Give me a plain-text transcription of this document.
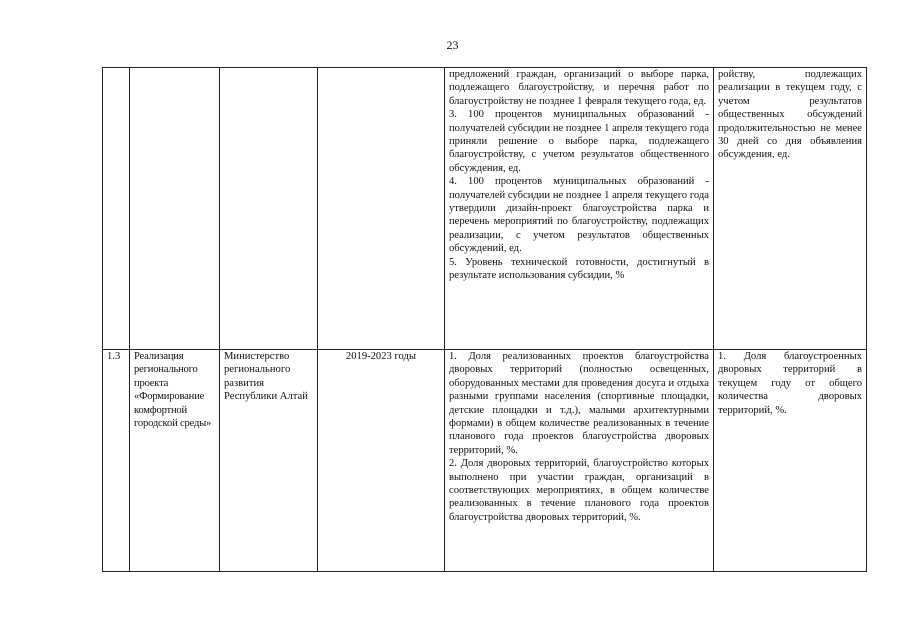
23

				предложений граждан, организаций о выборе парка, подлежащего благоустройству, и перечня работ по благоустройству не позднее 1 февраля текущего года, ед.

3. 100 процентов муниципальных образований - получателей субсидии не позднее 1 апреля текущего года приняли решение о выборе парка, подлежащего благоустройству, с учетом результатов общественного обсуждения, ед.

4. 100 процентов муниципальных образований - получателей субсидии не позднее 1 апреля текущего года утвердили дизайн-проект благоустройства парка и перечень мероприятий по благоустройству, подлежащих реализации, с учетом результатов общественных обсуждений, ед.

5. Уровень технической готовности, достигнутый в результате использования субсидии, %	ройству, подлежащих реализации в текущем году, с учетом результатов общественных обсуждений продолжительностью не менее 30 дней со дня объявления обсуждения, ед.

1.3	Реализация регионального проекта «Формирование комфортной городской среды»	Министерство регионального развития Республики Алтай	2019-2023 годы	1. Доля реализованных проектов благоустройства дворовых территорий (полностью освещенных, оборудованных местами для проведения досуга и отдыха разными группами населения (спортивные площадки, детские площадки и т.д.), малыми архитектурными формами) в общем количестве реализованных в течение планового года проектов благоустройства дворовых территорий, %.

2. Доля дворовых территорий, благоустройство которых выполнено при участии граждан, организаций в соответствующих мероприятиях, в общем количестве реализованных в течение планового года проектов благоустройства дворовых территорий, %.	1. Доля благоустроенных дворовых территорий в текущем году от общего количества дворовых территорий, %.
